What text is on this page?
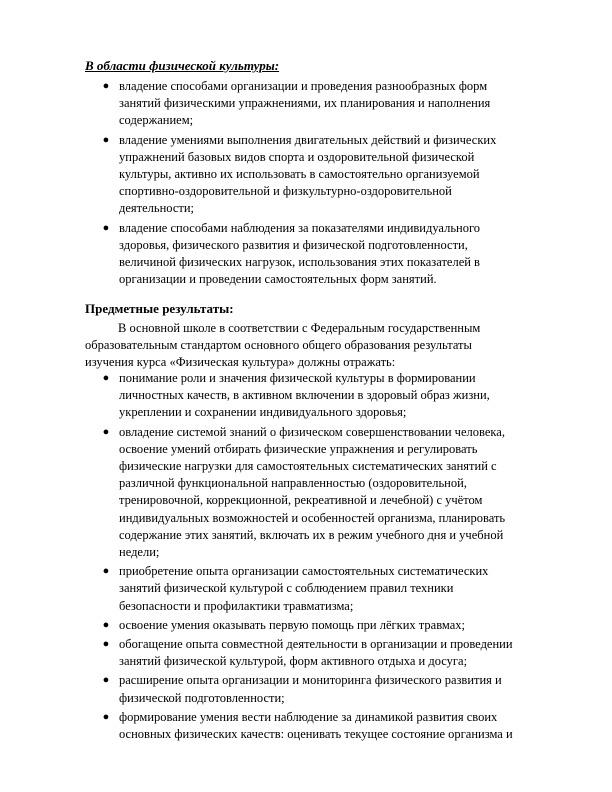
В области физической культуры:
● владение способами организации и проведения разнообразных форм
занятий физическими упражнениями, их планирования и наполнения
содержанием;
● владение умениями выполнения двигательных действий и физических
упражнений базовых видов спорта и оздоровительной физической
культуры, активно их использовать в самостоятельно организуемой
спортивно-оздоровительной и физкультурно-оздоровительной
деятельности;
● владение способами наблюдения за показателями индивидуального
здоровья, физического развития и физической подготовленности,
величиной физических нагрузок, использования этих показателей в
организации и проведении самостоятельных форм занятий.
Предметные результаты:
В основной школе в соответствии с Федеральным государственным
образовательным стандартом основного общего образования результаты
изучения курса «Физическая культура» должны отражать:
● понимание роли и значения физической культуры в формировании
личностных качеств, в активном включении в здоровый образ жизни,
укреплении и сохранении индивидуального здоровья;
● овладение системой знаний о физическом совершенствовании человека,
освоение умений отбирать физические упражнения и регулировать
физические нагрузки для самостоятельных систематических занятий с
различной функциональной направленностью (оздоровительной,
тренировочной, коррекционной, рекреативной и лечебной) с учётом
индивидуальных возможностей и особенностей организма, планировать
содержание этих занятий, включать их в режим учебного дня и учебной
недели;
● приобретение опыта организации самостоятельных систематических
занятий физической культурой с соблюдением правил техники
безопасности и профилактики травматизма;
● освоение умения оказывать первую помощь при лёгких травмах;
● обогащение опыта совместной деятельности в организации и проведении
занятий физической культурой, форм активного отдыха и досуга;
● расширение опыта организации и мониторинга физического развития и
физической подготовленности;
● формирование умения вести наблюдение за динамикой развития своих
основных физических качеств: оценивать текущее состояние организма и
